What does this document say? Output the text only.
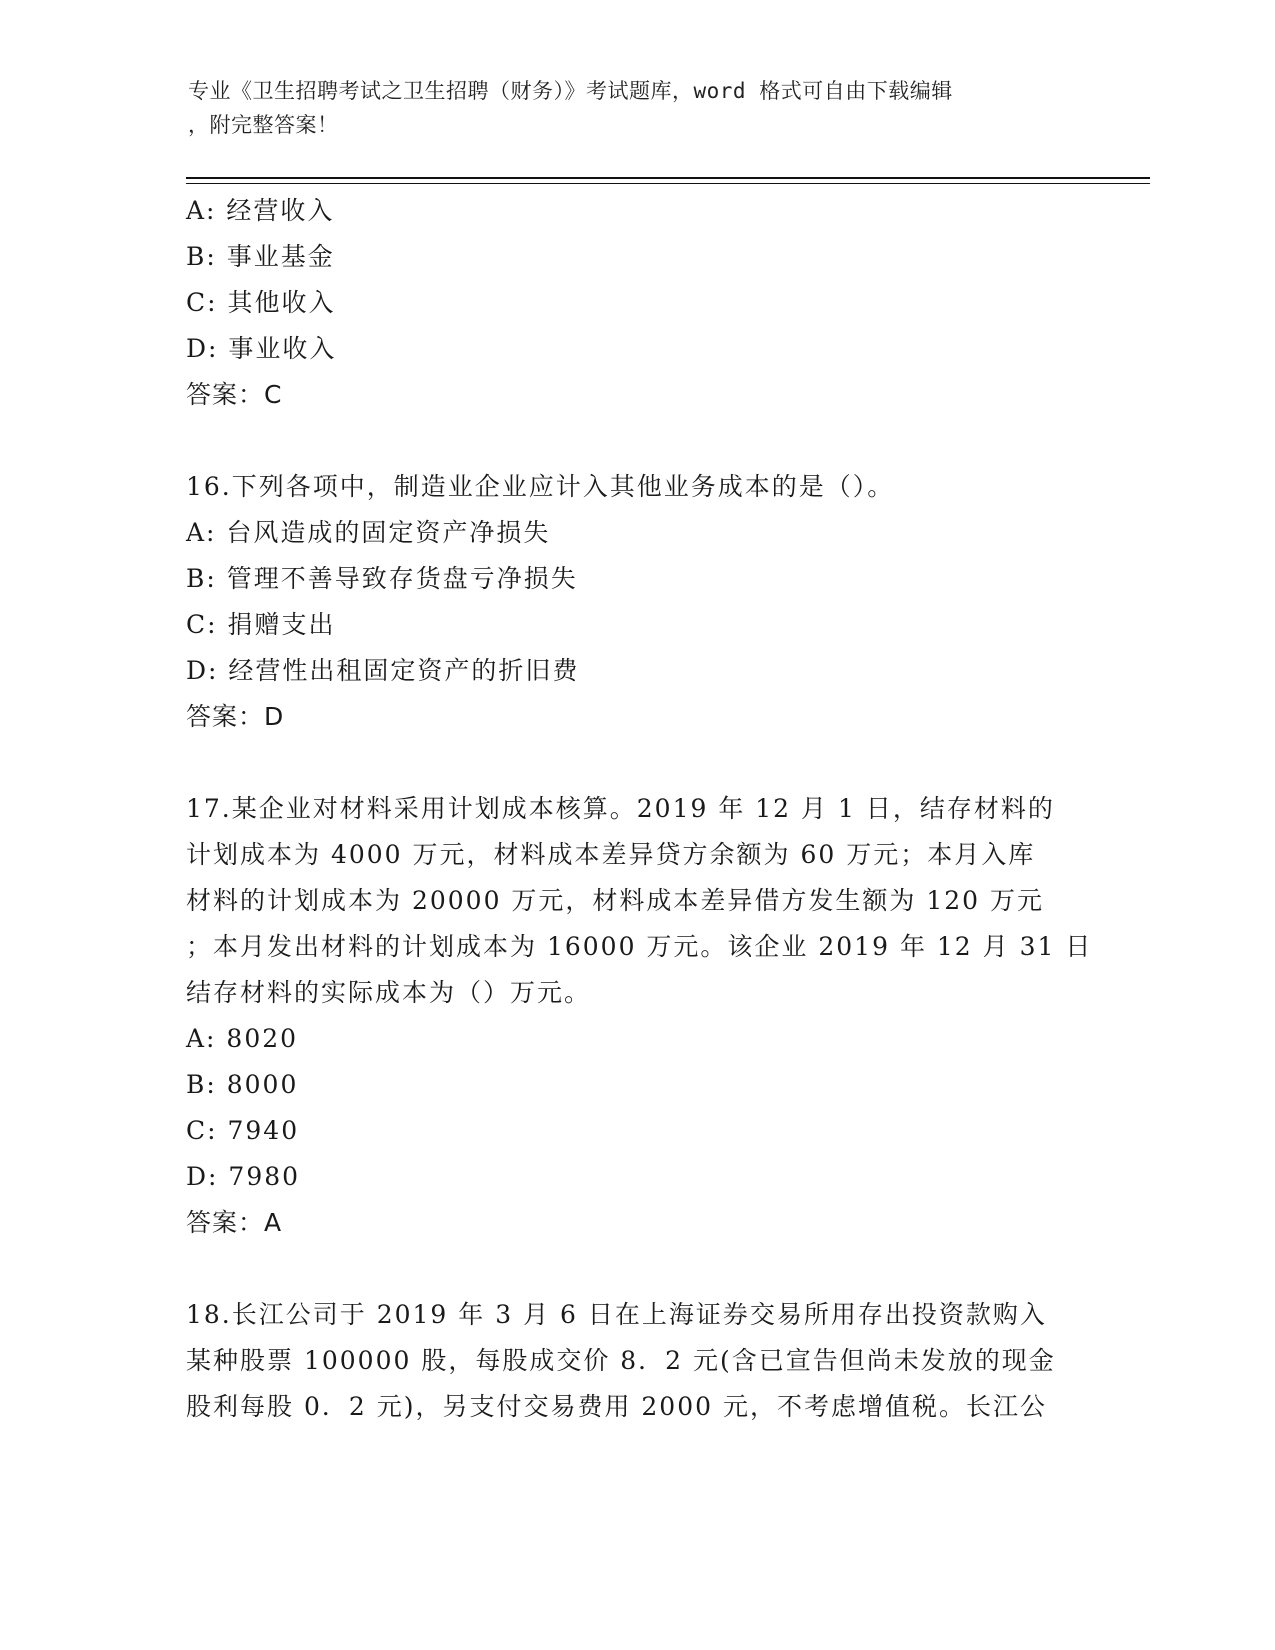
专业《卫生招聘考试之卫生招聘（财务）》考试题库，word 格式可自由下载编辑
，附完整答案！
A: 经营收入
B: 事业基金
C: 其他收入
D: 事业收入
答案：C
16.下列各项中，制造业企业应计入其他业务成本的是（）。
A: 台风造成的固定资产净损失
B: 管理不善导致存货盘亏净损失
C: 捐赠支出
D: 经营性出租固定资产的折旧费
答案：D
17.某企业对材料采用计划成本核算。2019 年 12 月 1 日，结存材料的
计划成本为 4000 万元，材料成本差异贷方余额为 60 万元；本月入库
材料的计划成本为 20000 万元，材料成本差异借方发生额为 120 万元
；本月发出材料的计划成本为 16000 万元。该企业 2019 年 12 月 31 日
结存材料的实际成本为（）万元。
A: 8020
B: 8000
C: 7940
D: 7980
答案：A
18.长江公司于 2019 年 3 月 6 日在上海证券交易所用存出投资款购入
某种股票 100000 股，每股成交价 8．2 元(含已宣告但尚未发放的现金
股利每股 0．2 元)，另支付交易费用 2000 元，不考虑增值税。长江公
